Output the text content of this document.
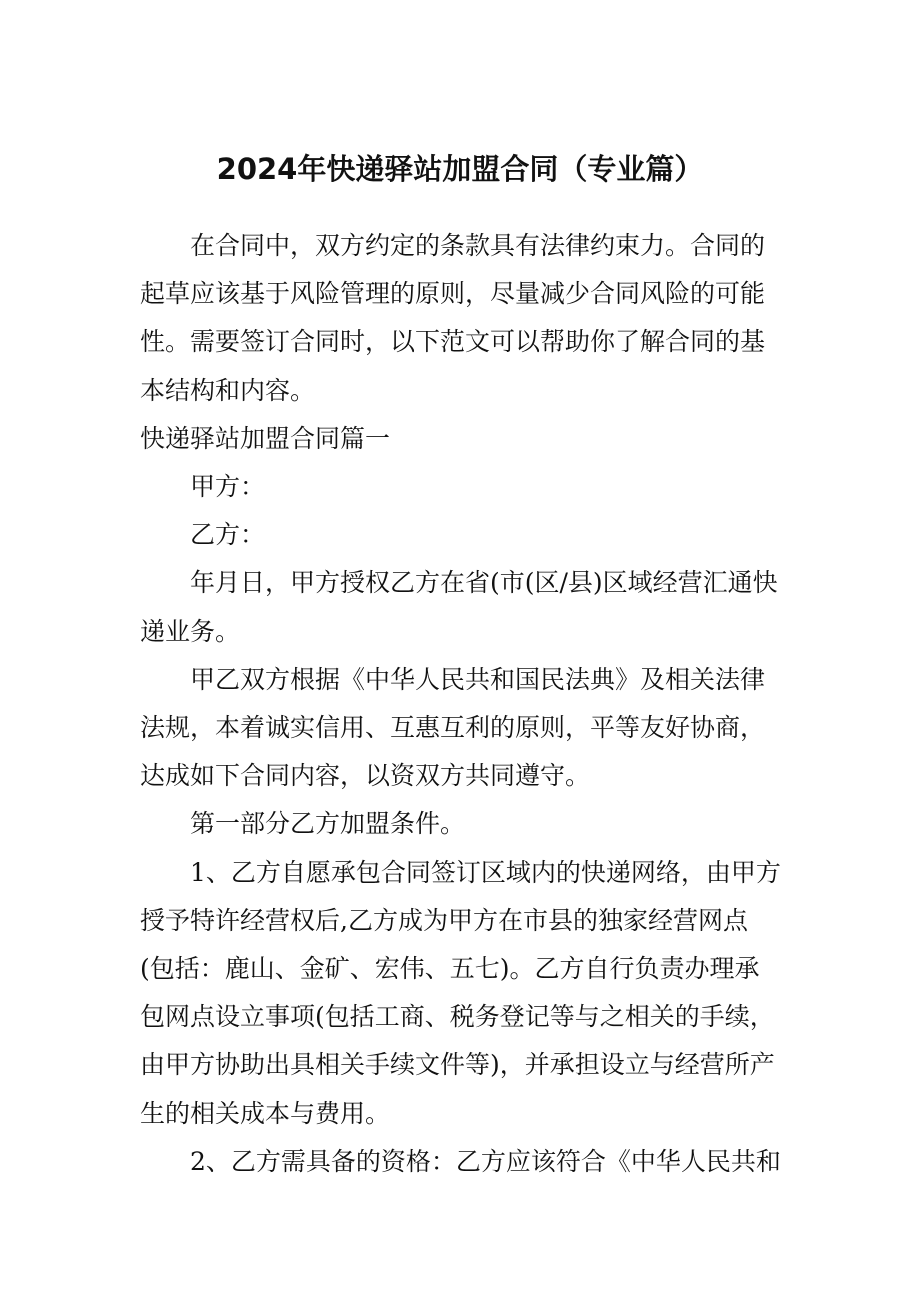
2024年快递驿站加盟合同（专业篇）

在合同中，双方约定的条款具有法律约束力。合同的起草应该基于风险管理的原则，尽量减少合同风险的可能性。需要签订合同时，以下范文可以帮助你了解合同的基本结构和内容。

快递驿站加盟合同篇一

甲方：

乙方：

年月日，甲方授权乙方在省(市(区/县)区域经营汇通快递业务。

甲乙双方根据《中华人民共和国民法典》及相关法律法规，本着诚实信用、互惠互利的原则，平等友好协商，达成如下合同内容，以资双方共同遵守。

第一部分乙方加盟条件。

1、乙方自愿承包合同签订区域内的快递网络，由甲方授予特许经营权后,乙方成为甲方在市县的独家经营网点(包括：鹿山、金矿、宏伟、五七)。乙方自行负责办理承包网点设立事项(包括工商、税务登记等与之相关的手续，由甲方协助出具相关手续文件等)，并承担设立与经营所产生的相关成本与费用。

2、乙方需具备的资格：乙方应该符合《中华人民共和
